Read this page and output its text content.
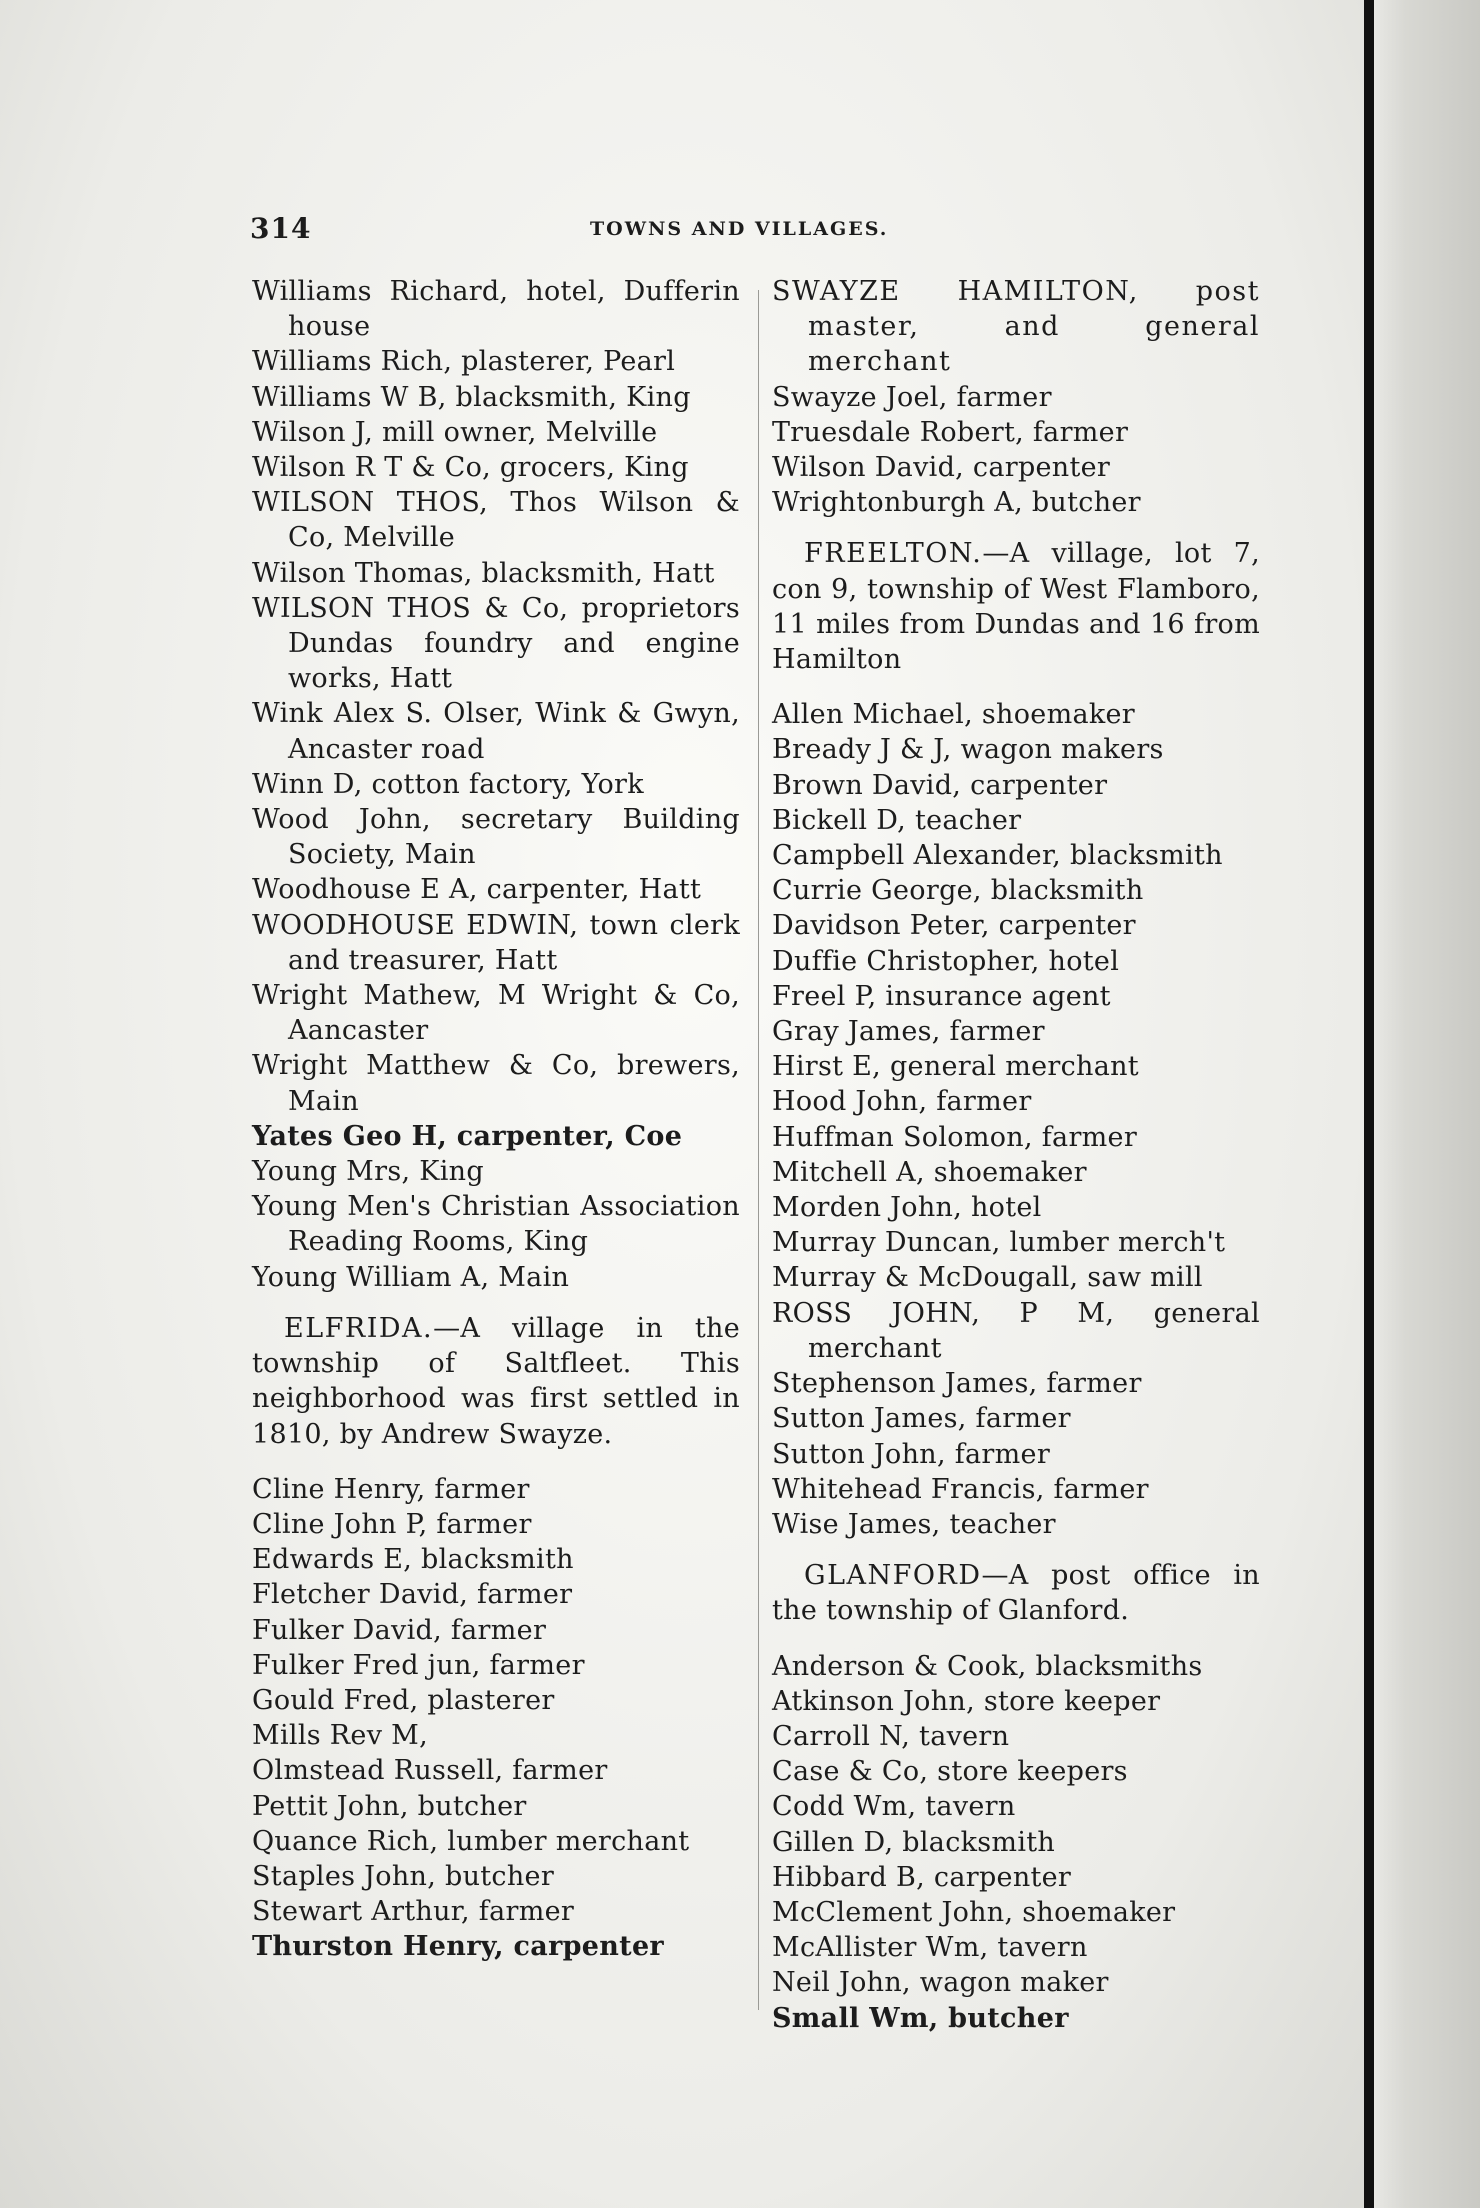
314	TOWNS AND VILLAGES.

Williams Richard, hotel, Dufferin house

Williams Rich, plasterer, Pearl

Williams W B, blacksmith, King

Wilson J, mill owner, Melville

Wilson R T & Co, grocers, King

WILSON THOS, Thos Wilson & Co, Melville

Wilson Thomas, blacksmith, Hatt

WILSON THOS & Co, proprietors Dundas foundry and engine works, Hatt

Wink Alex S. Olser, Wink & Gwyn, Ancaster road

Winn D, cotton factory, York

Wood John, secretary Building Society, Main

Woodhouse E A, carpenter, Hatt

WOODHOUSE EDWIN, town clerk and treasurer, Hatt

Wright Mathew, M Wright & Co, Aancaster

Wright Matthew & Co, brewers, Main

Yates Geo H, carpenter, Coe

Young Mrs, King

Young Men's Christian Association Reading Rooms, King

Young William A, Main

ELFRIDA.—A village in the township of Saltfleet. This neighborhood was first settled in 1810, by Andrew Swayze.

Cline Henry, farmer

Cline John P, farmer

Edwards E, blacksmith

Fletcher David, farmer

Fulker David, farmer

Fulker Fred jun, farmer

Gould Fred, plasterer

Mills Rev M,

Olmstead Russell, farmer

Pettit John, butcher

Quance Rich, lumber merchant

Staples John, butcher

Stewart Arthur, farmer

Thurston Henry, carpenter

SWAYZE HAMILTON, post master, and general merchant

Swayze Joel, farmer

Truesdale Robert, farmer

Wilson David, carpenter

Wrightonburgh A, butcher

FREELTON.—A village, lot 7, con 9, township of West Flamboro, 11 miles from Dundas and 16 from Hamilton

Allen Michael, shoemaker

Bready J & J, wagon makers

Brown David, carpenter

Bickell D, teacher

Campbell Alexander, blacksmith

Currie George, blacksmith

Davidson Peter, carpenter

Duffie Christopher, hotel

Freel P, insurance agent

Gray James, farmer

Hirst E, general merchant

Hood John, farmer

Huffman Solomon, farmer

Mitchell A, shoemaker

Morden John, hotel

Murray Duncan, lumber merch't

Murray & McDougall, saw mill

ROSS JOHN, P M, general merchant

Stephenson James, farmer

Sutton James, farmer

Sutton John, farmer

Whitehead Francis, farmer

Wise James, teacher

GLANFORD—A post office in the township of Glanford.

Anderson & Cook, blacksmiths

Atkinson John, store keeper

Carroll N, tavern

Case & Co, store keepers

Codd Wm, tavern

Gillen D, blacksmith

Hibbard B, carpenter

McClement John, shoemaker

McAllister Wm, tavern

Neil John, wagon maker

Small Wm, butcher
